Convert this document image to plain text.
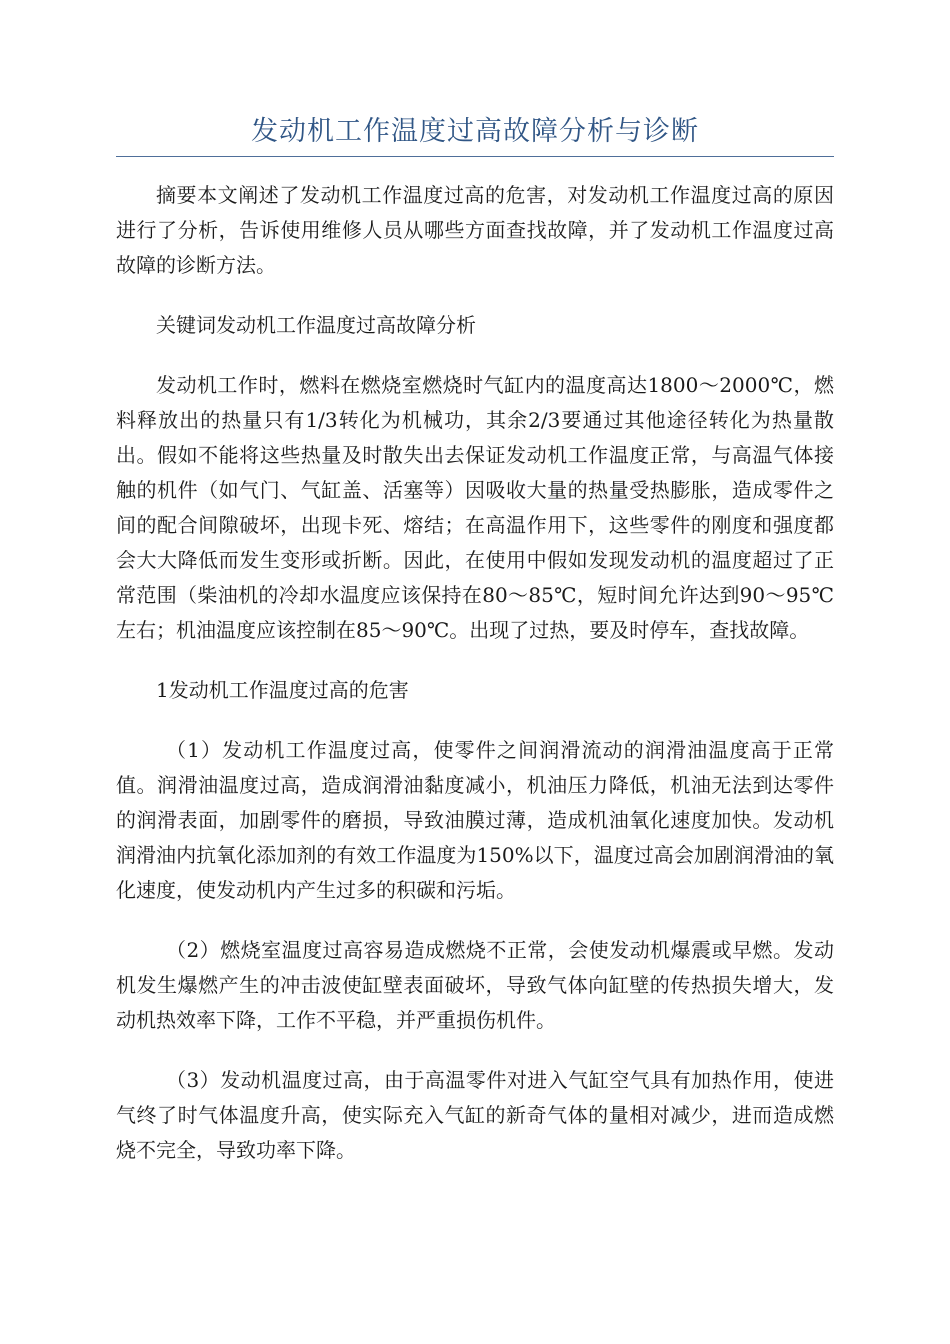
发动机工作温度过高故障分析与诊断

摘要本文阐述了发动机工作温度过高的危害，对发动机工作温度过高的原因进行了分析，告诉使用维修人员从哪些方面查找故障，并了发动机工作温度过高故障的诊断方法。

关键词发动机工作温度过高故障分析

发动机工作时，燃料在燃烧室燃烧时气缸内的温度高达1800～2000℃，燃料释放出的热量只有1/3转化为机械功，其余2/3要通过其他途径转化为热量散出。假如不能将这些热量及时散失出去保证发动机工作温度正常，与高温气体接触的机件（如气门、气缸盖、活塞等）因吸收大量的热量受热膨胀，造成零件之间的配合间隙破坏，出现卡死、熔结；在高温作用下，这些零件的刚度和强度都会大大降低而发生变形或折断。因此，在使用中假如发现发动机的温度超过了正常范围（柴油机的冷却水温度应该保持在80～85℃，短时间允许达到90～95℃左右；机油温度应该控制在85～90℃。出现了过热，要及时停车，查找故障。

1发动机工作温度过高的危害

（1）发动机工作温度过高，使零件之间润滑流动的润滑油温度高于正常值。润滑油温度过高，造成润滑油黏度减小，机油压力降低，机油无法到达零件的润滑表面，加剧零件的磨损，导致油膜过薄，造成机油氧化速度加快。发动机润滑油内抗氧化添加剂的有效工作温度为150%以下，温度过高会加剧润滑油的氧化速度，使发动机内产生过多的积碳和污垢。

（2）燃烧室温度过高容易造成燃烧不正常，会使发动机爆震或早燃。发动机发生爆燃产生的冲击波使缸壁表面破坏，导致气体向缸壁的传热损失增大，发动机热效率下降，工作不平稳，并严重损伤机件。

（3）发动机温度过高，由于高温零件对进入气缸空气具有加热作用，使进气终了时气体温度升高，使实际充入气缸的新奇气体的量相对减少，进而造成燃烧不完全，导致功率下降。
